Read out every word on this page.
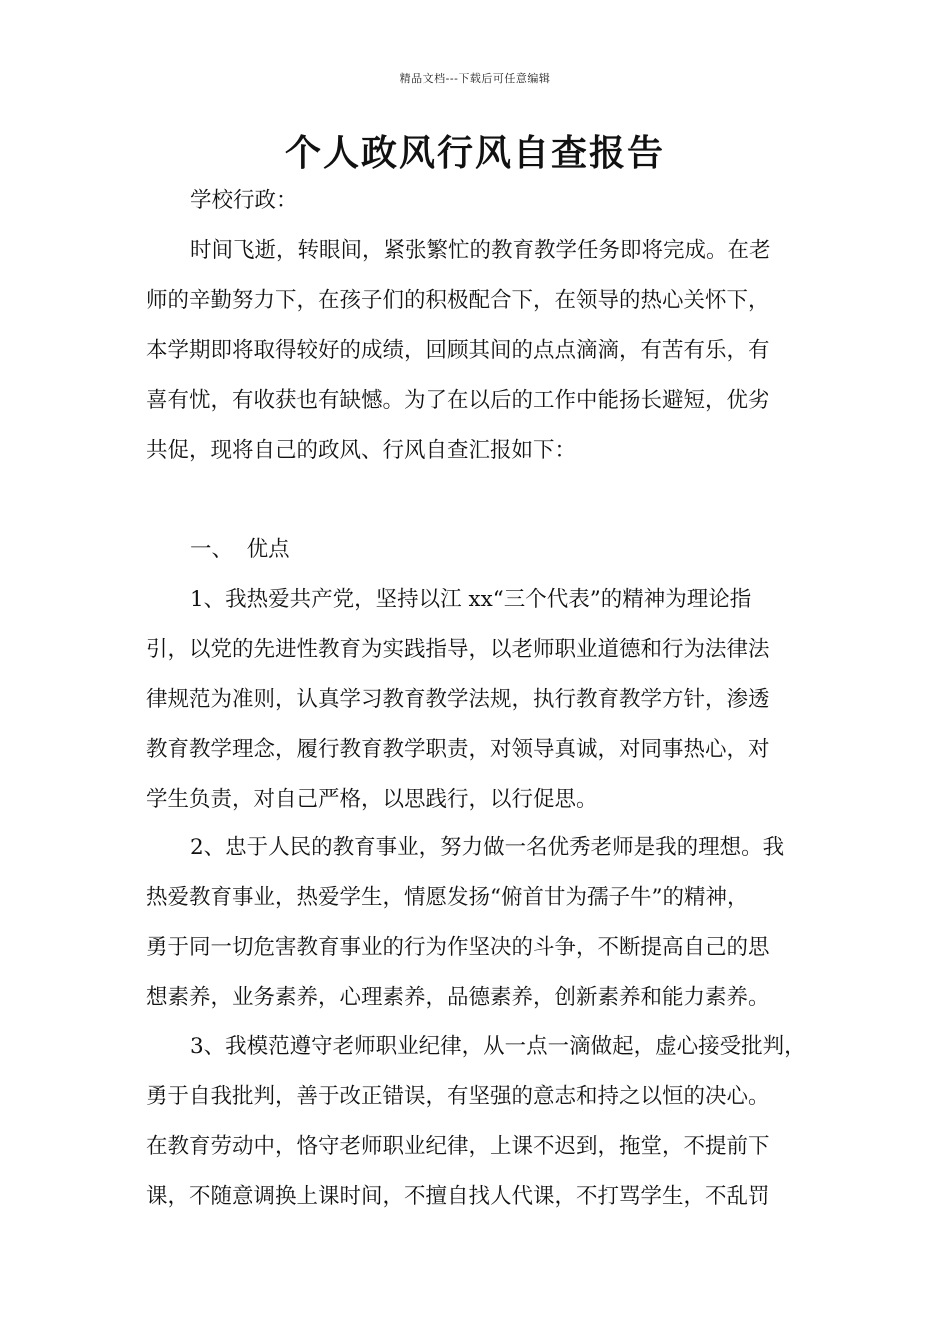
精品文档---下载后可任意编辑
个人政风行风自查报告
学校行政：
时间飞逝，转眼间，紧张繁忙的教育教学任务即将完成。在老
师的辛勤努力下，在孩子们的积极配合下，在领导的热心关怀下，
本学期即将取得较好的成绩，回顾其间的点点滴滴，有苦有乐，有
喜有忧，有收获也有缺憾。为了在以后的工作中能扬长避短，优劣
共促，现将自己的政风、行风自查汇报如下：
一、  优点
1、我热爱共产党，坚持以江 xx“三个代表”的精神为理论指
引，以党的先进性教育为实践指导，以老师职业道德和行为法律法
律规范为准则，认真学习教育教学法规，执行教育教学方针，渗透
教育教学理念，履行教育教学职责，对领导真诚，对同事热心，对
学生负责，对自己严格，以思践行，以行促思。
2、忠于人民的教育事业，努力做一名优秀老师是我的理想。我
热爱教育事业，热爱学生，情愿发扬“俯首甘为孺子牛”的精神，
勇于同一切危害教育事业的行为作坚决的斗争，不断提高自己的思
想素养，业务素养，心理素养，品德素养，创新素养和能力素养。
3、我模范遵守老师职业纪律，从一点一滴做起，虚心接受批判，
勇于自我批判，善于改正错误，有坚强的意志和持之以恒的决心。
在教育劳动中，恪守老师职业纪律，上课不迟到，拖堂，不提前下
课，不随意调换上课时间，不擅自找人代课，不打骂学生，不乱罚
